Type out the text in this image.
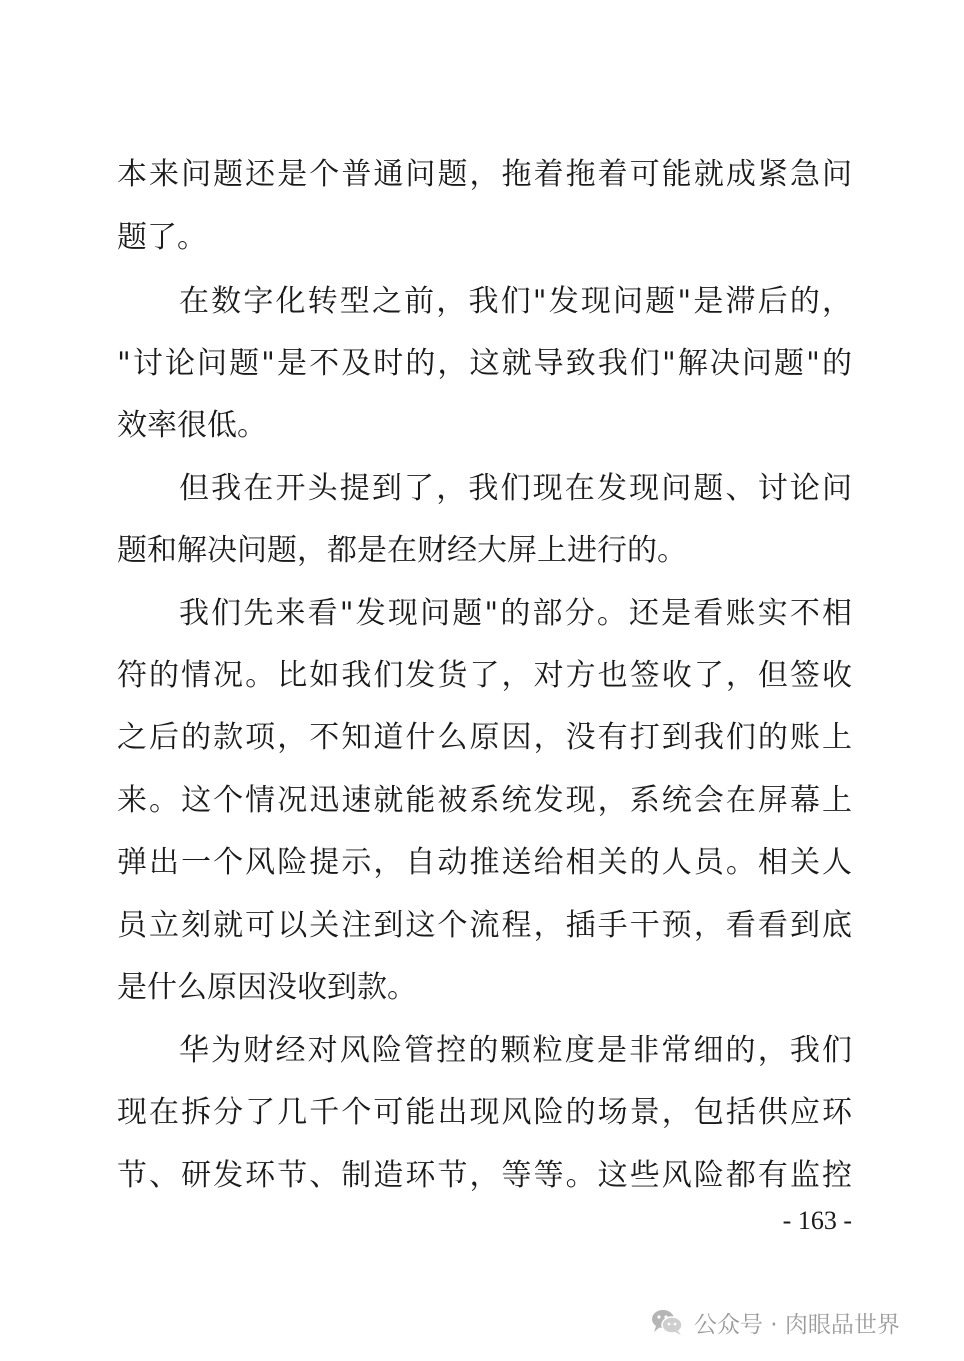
本来问题还是个普通问题，拖着拖着可能就成紧急问
题了。
在数字化转型之前，我们"发现问题"是滞后的，
"讨论问题"是不及时的，这就导致我们"解决问题"的
效率很低。
但我在开头提到了，我们现在发现问题、讨论问
题和解决问题，都是在财经大屏上进行的。
我们先来看"发现问题"的部分。还是看账实不相
符的情况。比如我们发货了，对方也签收了，但签收
之后的款项，不知道什么原因，没有打到我们的账上
来。这个情况迅速就能被系统发现，系统会在屏幕上
弹出一个风险提示，自动推送给相关的人员。相关人
员立刻就可以关注到这个流程，插手干预，看看到底
是什么原因没收到款。
华为财经对风险管控的颗粒度是非常细的，我们
现在拆分了几千个可能出现风险的场景，包括供应环
节、研发环节、制造环节，等等。这些风险都有监控
- 163 -
公众号 · 肉眼品世界
